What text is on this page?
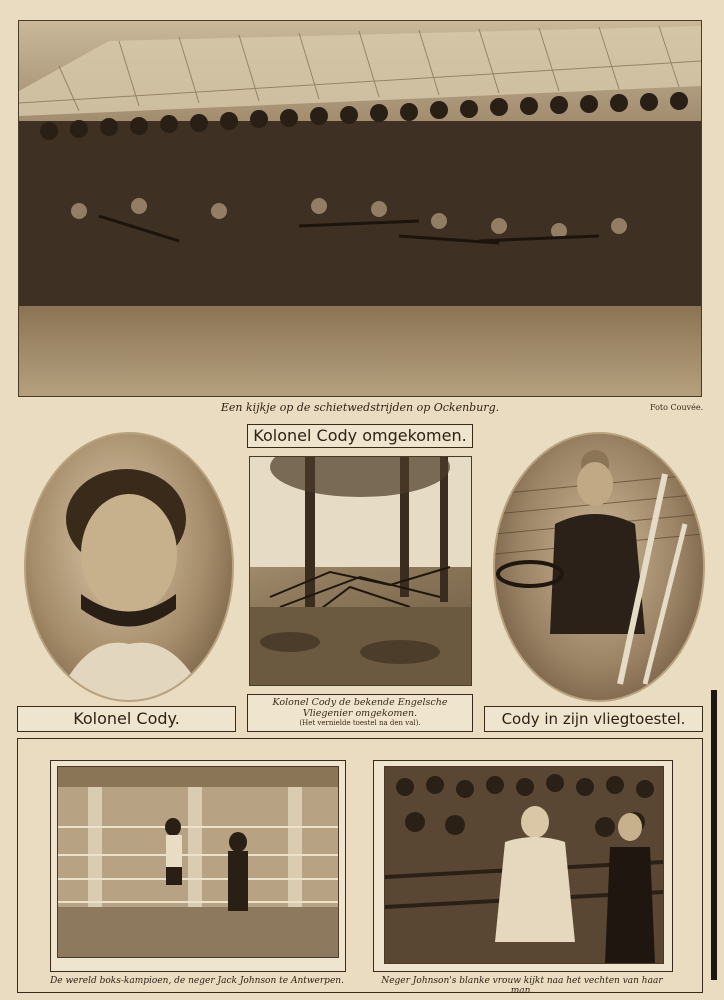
Een kijkje op de schietwedstrijden op Ockenburg.	Foto Couvée.
Kolonel Cody omgekomen.
Kolonel Cody.
Kolonel Cody de bekende Engelsche
Vliegenier omgekomen.
(Het vernielde toestel na den val).	Cody in zijn vliegtoestel.
De wereld boks-kampioen, de neger Jack Johnson te Antwerpen.	Neger Johnson's blanke vrouw kijkt naa het vechten van haar man.
